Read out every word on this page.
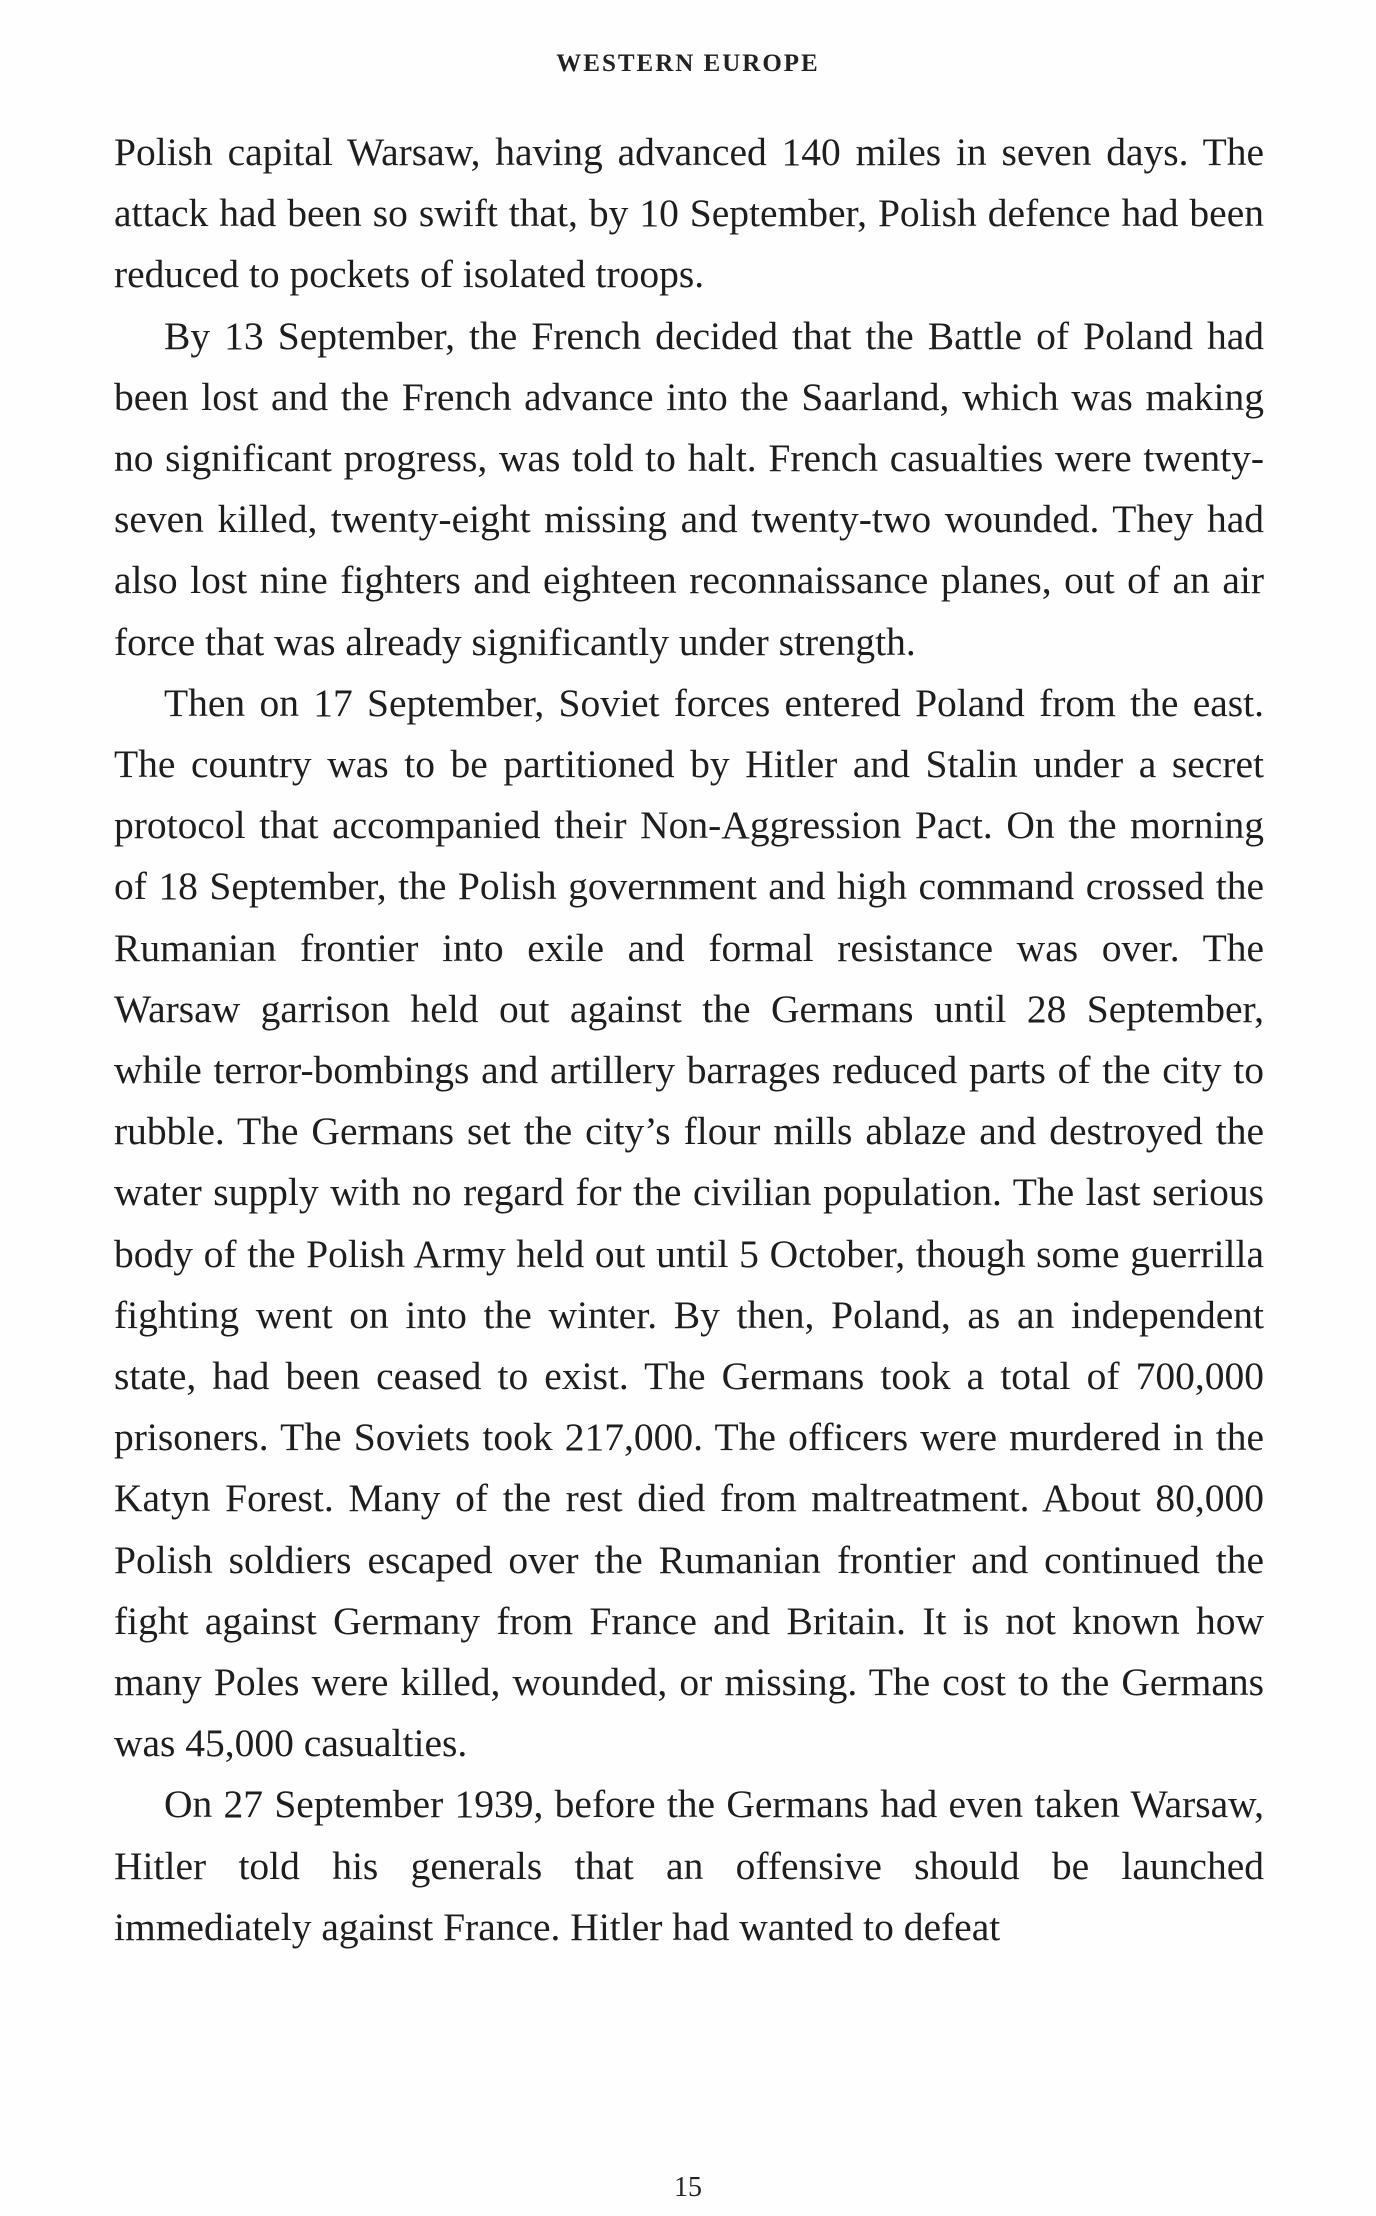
WESTERN EUROPE

Polish capital Warsaw, having advanced 140 miles in seven days. The attack had been so swift that, by 10 September, Polish defence had been reduced to pockets of isolated troops.

By 13 September, the French decided that the Battle of Poland had been lost and the French advance into the Saarland, which was making no significant progress, was told to halt. French casualties were twenty-seven killed, twenty-eight missing and twenty-two wounded. They had also lost nine fighters and eighteen reconnaissance planes, out of an air force that was already significantly under strength.

Then on 17 September, Soviet forces entered Poland from the east. The country was to be partitioned by Hitler and Stalin under a secret protocol that accompanied their Non-Aggression Pact. On the morning of 18 September, the Polish government and high command crossed the Rumanian frontier into exile and formal resistance was over. The Warsaw garrison held out against the Germans until 28 September, while terror-bombings and artillery barrages reduced parts of the city to rubble. The Germans set the city’s flour mills ablaze and destroyed the water supply with no regard for the civilian population. The last serious body of the Polish Army held out until 5 October, though some guerrilla fighting went on into the winter. By then, Poland, as an independent state, had been ceased to exist. The Germans took a total of 700,000 prisoners. The Soviets took 217,000. The officers were murdered in the Katyn Forest. Many of the rest died from maltreatment. About 80,000 Polish soldiers escaped over the Rumanian frontier and continued the fight against Germany from France and Britain. It is not known how many Poles were killed, wounded, or missing. The cost to the Germans was 45,000 casualties.

On 27 September 1939, before the Germans had even taken Warsaw, Hitler told his generals that an offensive should be launched immediately against France. Hitler had wanted to defeat

15
